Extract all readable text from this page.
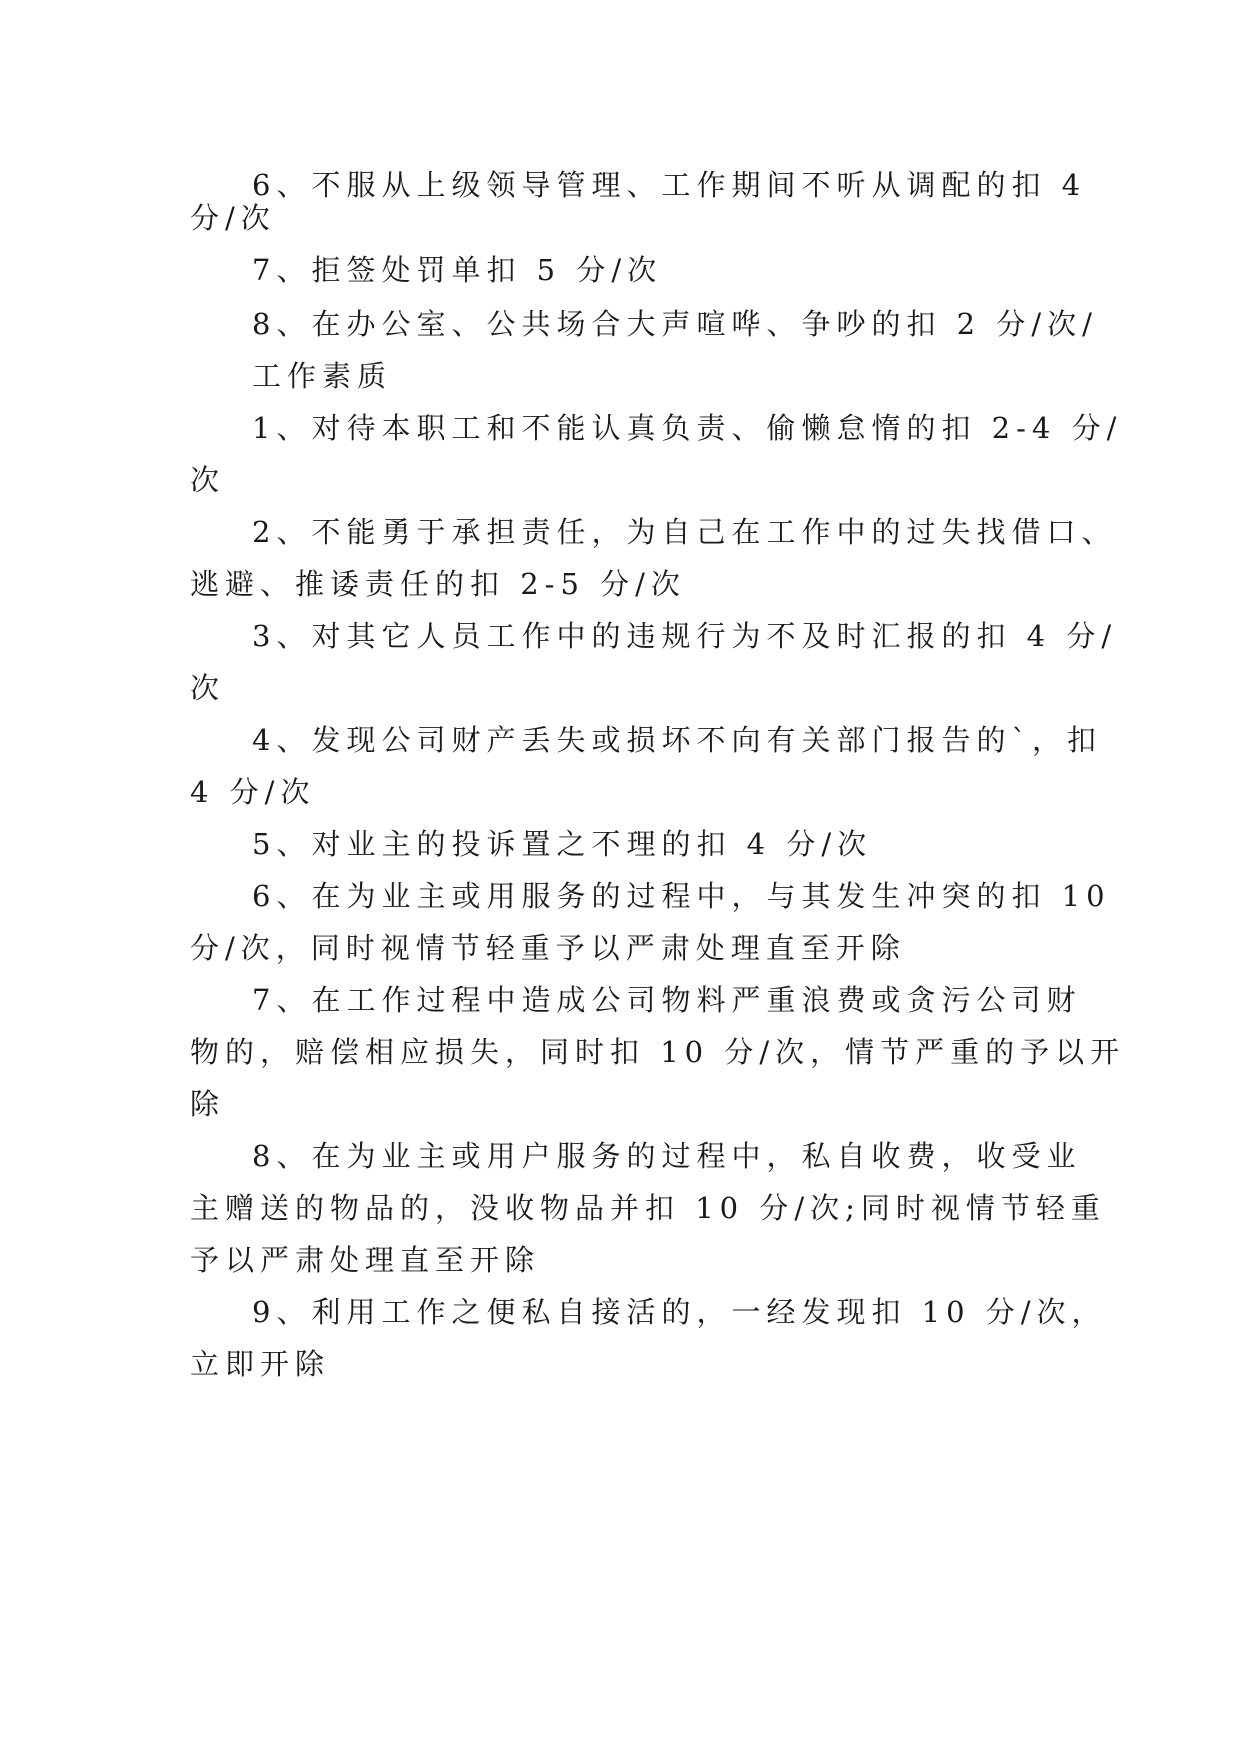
6、不服从上级领导管理、工作期间不听从调配的扣 4
分/次
7、拒签处罚单扣 5 分/次
8、在办公室、公共场合大声喧哗、争吵的扣 2 分/次/
工作素质
1、对待本职工和不能认真负责、偷懒怠惰的扣 2-4 分/
次
2、不能勇于承担责任，为自己在工作中的过失找借口、
逃避、推诿责任的扣 2-5 分/次
3、对其它人员工作中的违规行为不及时汇报的扣 4 分/
次
4、发现公司财产丢失或损坏不向有关部门报告的`，扣
4 分/次
5、对业主的投诉置之不理的扣 4 分/次
6、在为业主或用服务的过程中，与其发生冲突的扣 10
分/次，同时视情节轻重予以严肃处理直至开除
7、在工作过程中造成公司物料严重浪费或贪污公司财
物的，赔偿相应损失，同时扣 10 分/次，情节严重的予以开
除
8、在为业主或用户服务的过程中，私自收费，收受业
主赠送的物品的，没收物品并扣 10 分/次;同时视情节轻重
予以严肃处理直至开除
9、利用工作之便私自接活的，一经发现扣 10 分/次，
立即开除
